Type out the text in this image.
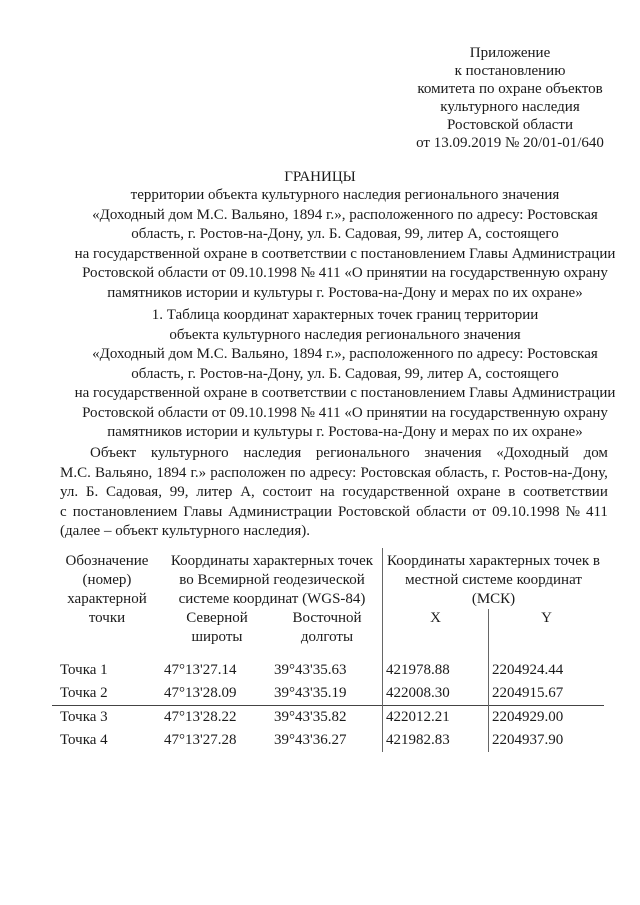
Приложение
к постановлению
комитета по охране объектов
культурного наследия
Ростовской области
от 13.09.2019 № 20/01-01/640
ГРАНИЦЫ
территории объекта культурного наследия регионального значения
«Доходный дом М.С. Вальяно, 1894 г.», расположенного по адресу: Ростовская
область, г. Ростов-на-Дону, ул. Б. Садовая, 99, литер А, состоящего
на государственной охране в соответствии с постановлением Главы Администрации
Ростовской области от 09.10.1998 № 411 «О принятии на государственную охрану
памятников истории и культуры г. Ростова-на-Дону и мерах по их охране»
1. Таблица координат характерных точек границ территории
объекта культурного наследия регионального значения
«Доходный дом М.С. Вальяно, 1894 г.», расположенного по адресу: Ростовская
область, г. Ростов-на-Дону, ул. Б. Садовая, 99, литер А, состоящего
на государственной охране в соответствии с постановлением Главы Администрации
Ростовской области от 09.10.1998 № 411 «О принятии на государственную охрану
памятников истории и культуры г. Ростова-на-Дону и мерах по их охране»
Объект культурного наследия регионального значения «Доходный дом
М.С. Вальяно, 1894 г.» расположен по адресу: Ростовская область, г. Ростов-на-Дону,
ул. Б. Садовая, 99, литер А, состоит на государственной охране в соответствии
с постановлением Главы Администрации Ростовской области от 09.10.1998 № 411
(далее – объект культурного наследия).
Обозначение (номер) характерной точки	Координаты характерных точек во Всемирной геодезической системе координат (WGS-84)		Координаты характерных точек в местной системе координат (МСК)	
	Северной широты	Восточной долготы	X	Y
Точка 1	47°13'27.14	39°43'35.63	421978.88	2204924.44
Точка 2	47°13'28.09	39°43'35.19	422008.30	2204915.67
Точка 3	47°13'28.22	39°43'35.82	422012.21	2204929.00
Точка 4	47°13'27.28	39°43'36.27	421982.83	2204937.90
